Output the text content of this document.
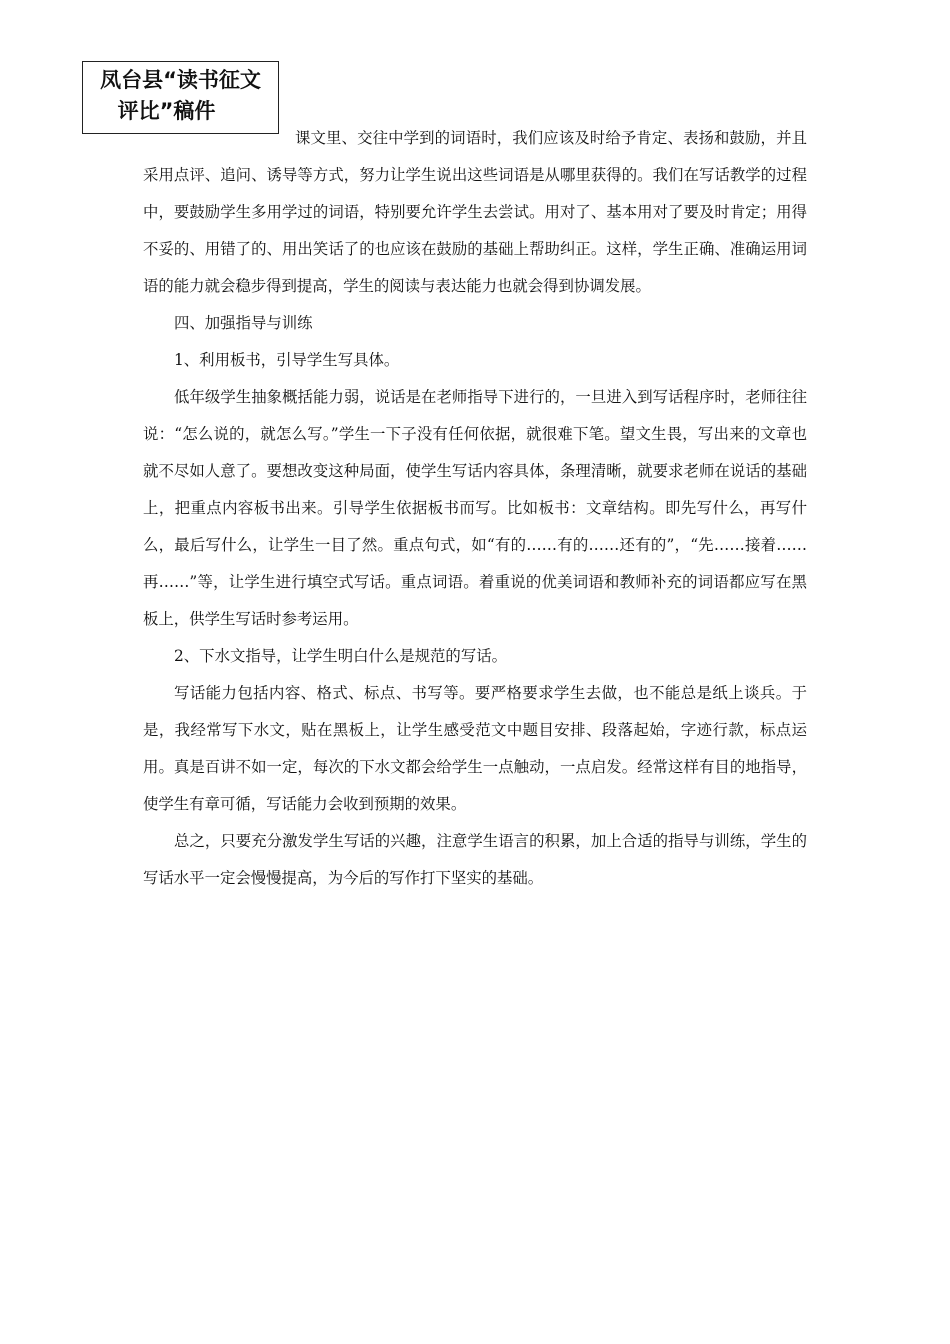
凤台县“读书征文
评比”稿件

课文里、交往中学到的词语时，我们应该及时给予肯定、表扬和鼓励，并且采用点评、追问、诱导等方式，努力让学生说出这些词语是从哪里获得的。我们在写话教学的过程中，要鼓励学生多用学过的词语，特别要允许学生去尝试。用对了、基本用对了要及时肯定；用得不妥的、用错了的、用出笑话了的也应该在鼓励的基础上帮助纠正。这样，学生正确、准确运用词语的能力就会稳步得到提高，学生的阅读与表达能力也就会得到协调发展。

四、加强指导与训练

1、利用板书，引导学生写具体。

低年级学生抽象概括能力弱，说话是在老师指导下进行的，一旦进入到写话程序时，老师往往说：“怎么说的，就怎么写。”学生一下子没有任何依据，就很难下笔。望文生畏，写出来的文章也就不尽如人意了。要想改变这种局面，使学生写话内容具体，条理清晰，就要求老师在说话的基础上，把重点内容板书出来。引导学生依据板书而写。比如板书：文章结构。即先写什么，再写什么，最后写什么，让学生一目了然。重点句式，如“有的……有的……还有的”，“先……接着……再……”等，让学生进行填空式写话。重点词语。着重说的优美词语和教师补充的词语都应写在黑板上，供学生写话时参考运用。

2、下水文指导，让学生明白什么是规范的写话。

写话能力包括内容、格式、标点、书写等。要严格要求学生去做，也不能总是纸上谈兵。于是，我经常写下水文，贴在黑板上，让学生感受范文中题目安排、段落起始，字迹行款，标点运用。真是百讲不如一定，每次的下水文都会给学生一点触动，一点启发。经常这样有目的地指导，使学生有章可循，写话能力会收到预期的效果。

总之，只要充分激发学生写话的兴趣，注意学生语言的积累，加上合适的指导与训练，学生的写话水平一定会慢慢提高，为今后的写作打下坚实的基础。
